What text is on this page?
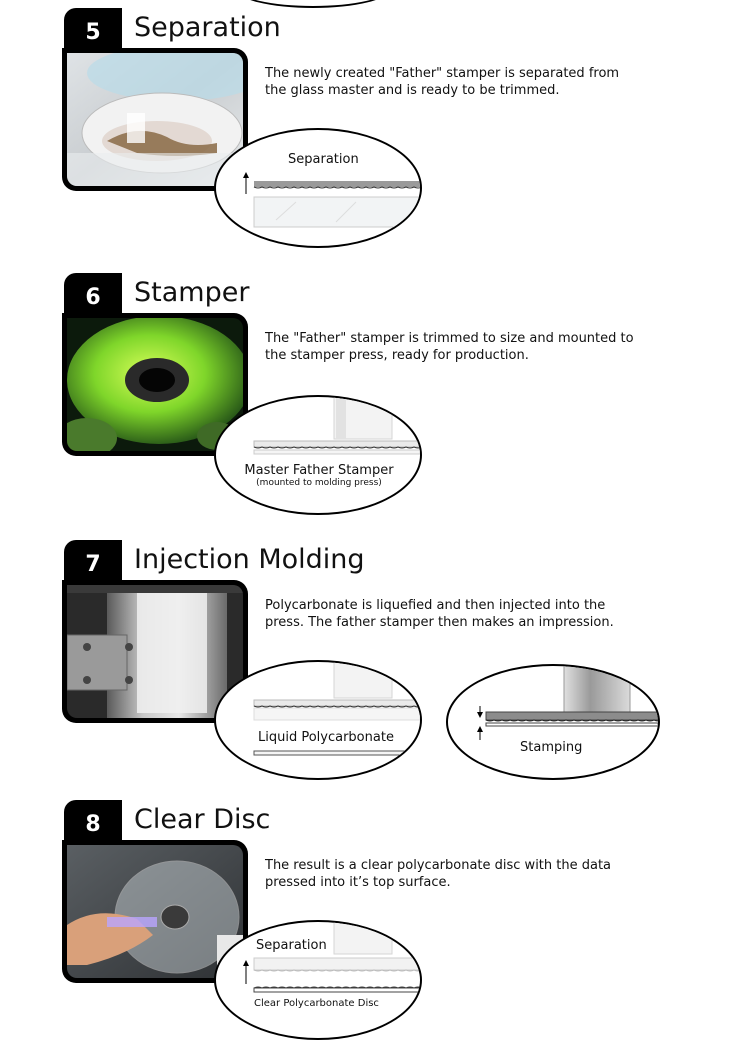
5	Separation
The newly created "Father" stamper is separated from the glass master and is ready to be trimmed.
Separation
6	Stamper
The "Father" stamper is trimmed to size and mounted to the stamper press, ready for production.
Master Father Stamper
(mounted to molding press)
7	Injection Molding
Polycarbonate is liquefied and then injected into the press. The father stamper then makes an impression.
Liquid Polycarbonate
Stamping
8	Clear Disc
The result is a clear polycarbonate disc with the data pressed into it’s top surface.
Separation
Clear Polycarbonate Disc
